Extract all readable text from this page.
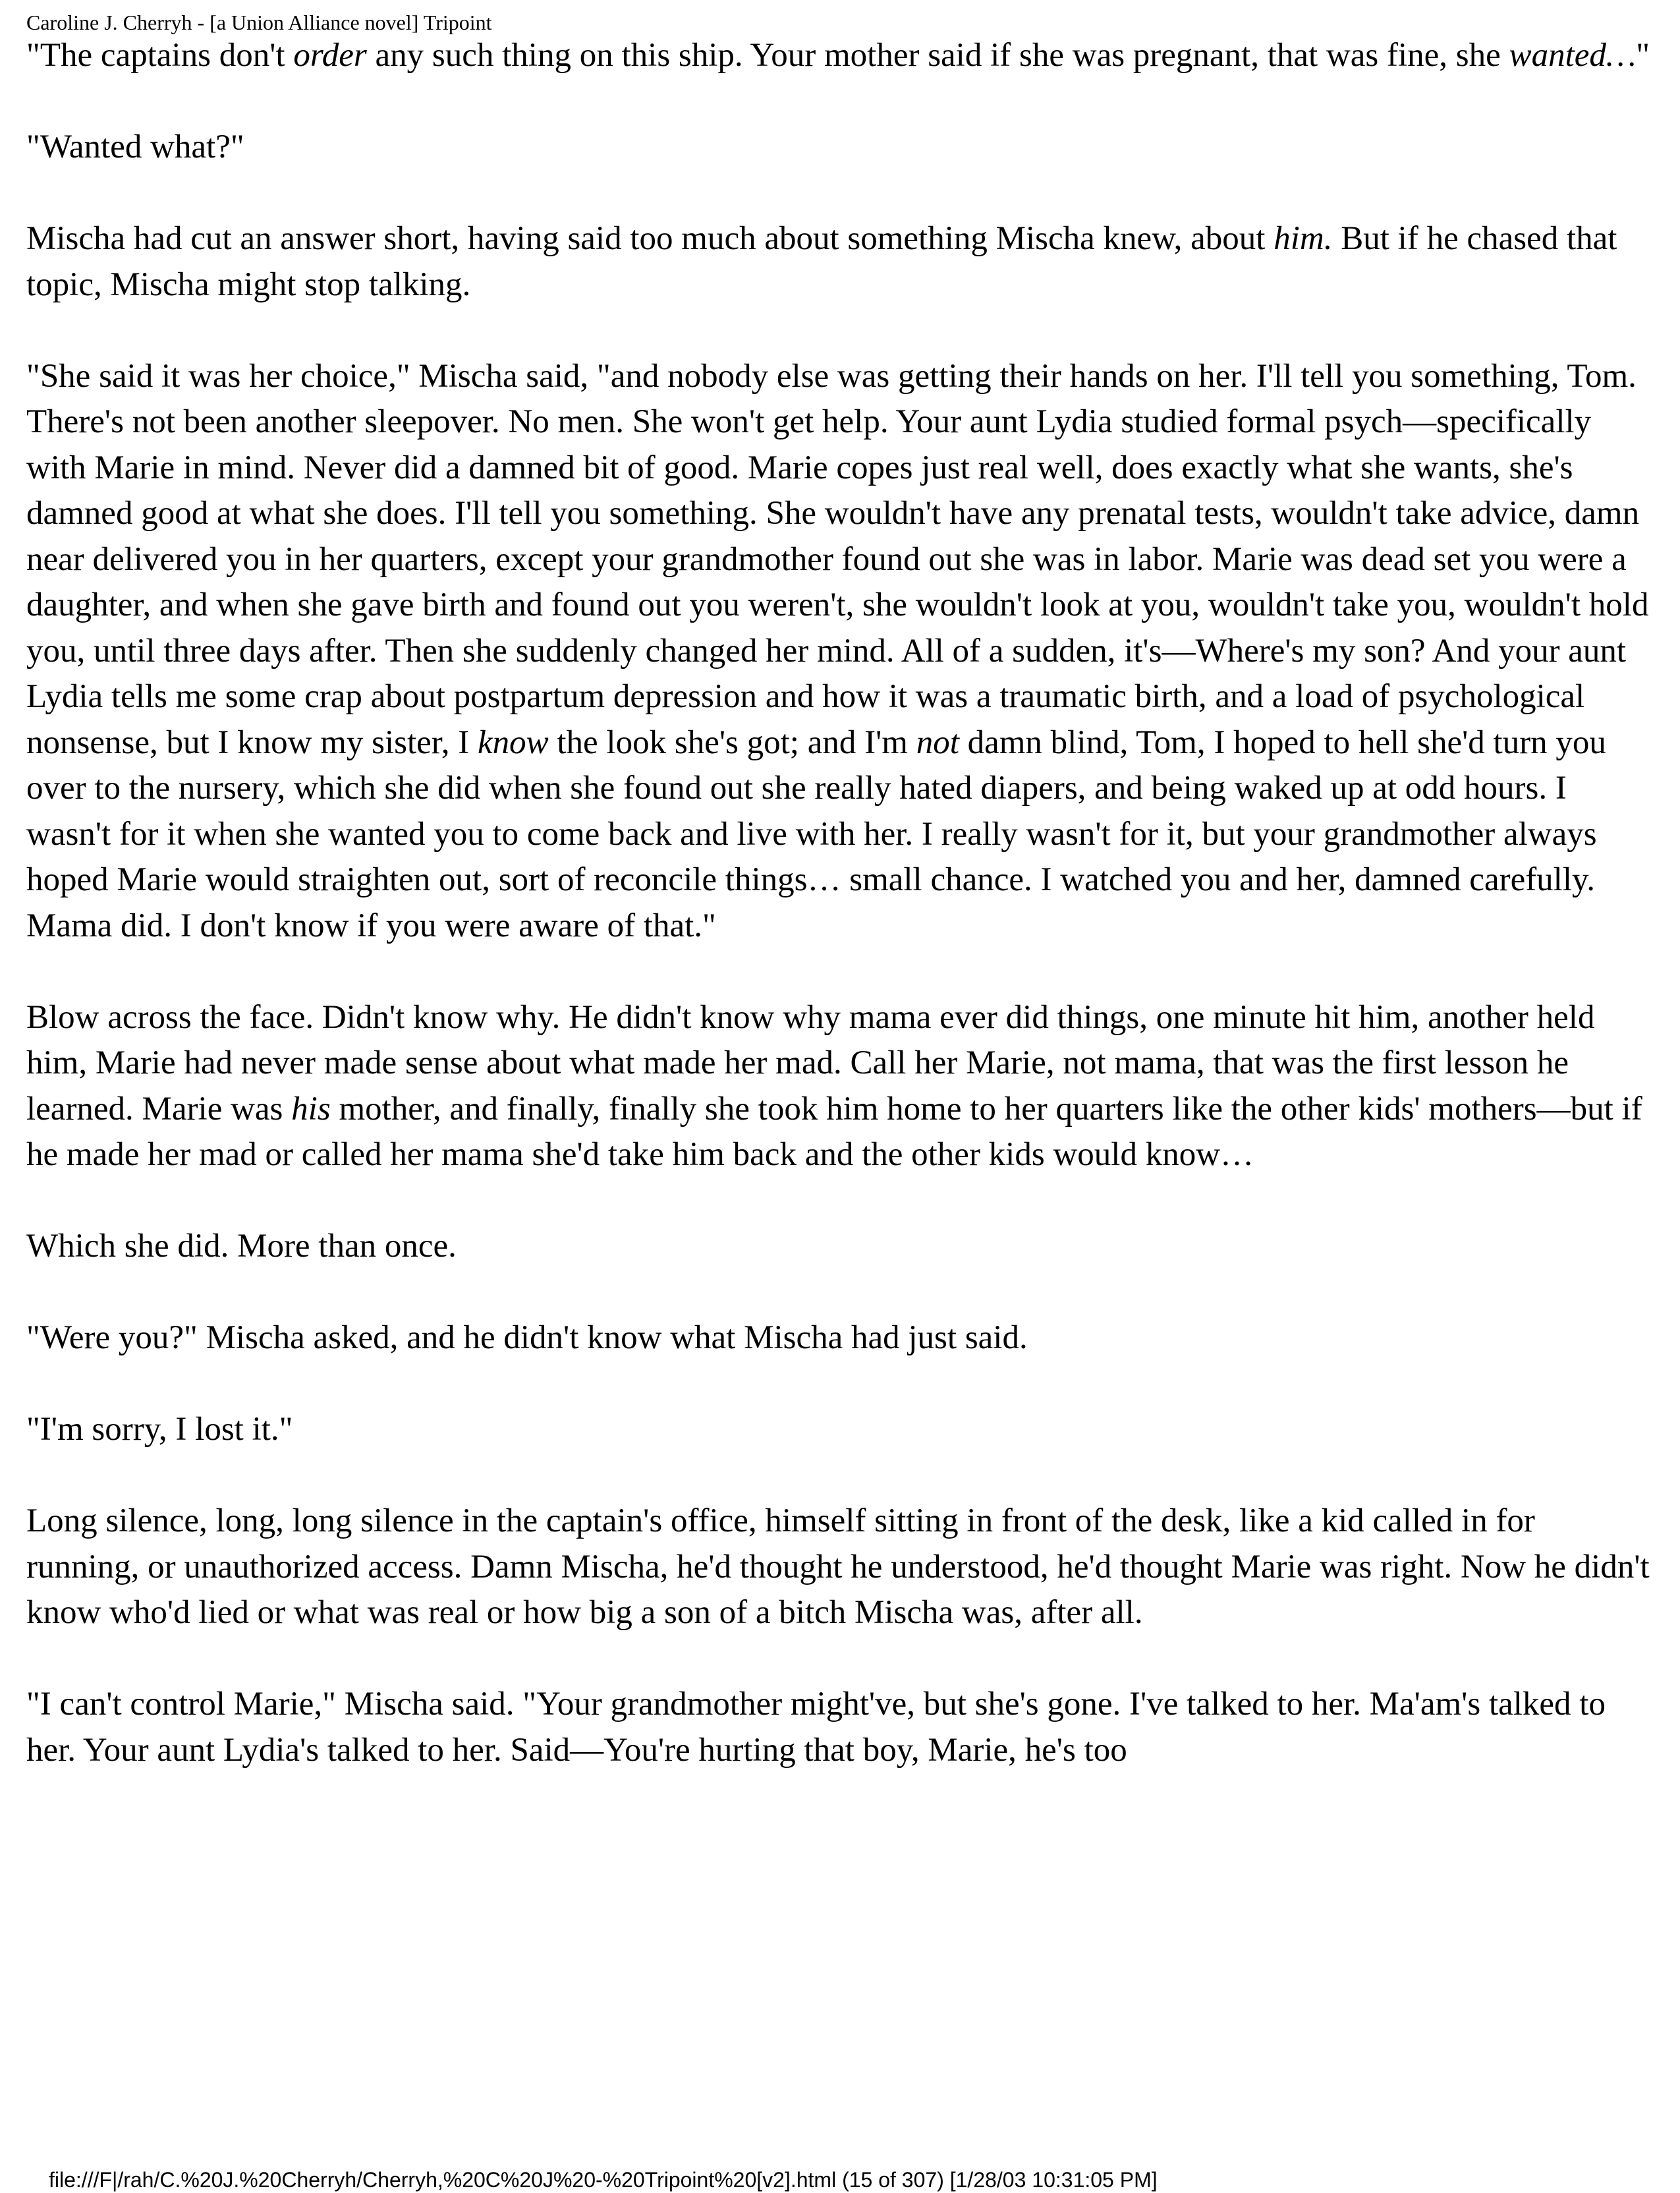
Caroline J. Cherryh - [a Union Alliance novel] Tripoint

"The captains don't order any such thing on this ship. Your mother said if she was pregnant, that was fine, she wanted…"

"Wanted what?"

Mischa had cut an answer short, having said too much about something Mischa knew, about him. But if he chased that topic, Mischa might stop talking.

"She said it was her choice," Mischa said, "and nobody else was getting their hands on her. I'll tell you something, Tom. There's not been another sleepover. No men. She won't get help. Your aunt Lydia studied formal psych—specifically with Marie in mind. Never did a damned bit of good. Marie copes just real well, does exactly what she wants, she's damned good at what she does. I'll tell you something. She wouldn't have any prenatal tests, wouldn't take advice, damn near delivered you in her quarters, except your grandmother found out she was in labor. Marie was dead set you were a daughter, and when she gave birth and found out you weren't, she wouldn't look at you, wouldn't take you, wouldn't hold you, until three days after. Then she suddenly changed her mind. All of a sudden, it's—Where's my son? And your aunt Lydia tells me some crap about postpartum depression and how it was a traumatic birth, and a load of psychological nonsense, but I know my sister, I know the look she's got; and I'm not damn blind, Tom, I hoped to hell she'd turn you over to the nursery, which she did when she found out she really hated diapers, and being waked up at odd hours. I wasn't for it when she wanted you to come back and live with her. I really wasn't for it, but your grandmother always hoped Marie would straighten out, sort of reconcile things… small chance. I watched you and her, damned carefully. Mama did. I don't know if you were aware of that."

Blow across the face. Didn't know why. He didn't know why mama ever did things, one minute hit him, another held him, Marie had never made sense about what made her mad. Call her Marie, not mama, that was the first lesson he learned. Marie was his mother, and finally, finally she took him home to her quarters like the other kids' mothers—but if he made her mad or called her mama she'd take him back and the other kids would know…

Which she did. More than once.

"Were you?" Mischa asked, and he didn't know what Mischa had just said.

"I'm sorry, I lost it."

Long silence, long, long silence in the captain's office, himself sitting in front of the desk, like a kid called in for running, or unauthorized access. Damn Mischa, he'd thought he understood, he'd thought Marie was right. Now he didn't know who'd lied or what was real or how big a son of a bitch Mischa was, after all.

"I can't control Marie," Mischa said. "Your grandmother might've, but she's gone. I've talked to her. Ma'am's talked to her. Your aunt Lydia's talked to her. Said—You're hurting that boy, Marie, he's too

file:///F|/rah/C.%20J.%20Cherryh/Cherryh,%20C%20J%20-%20Tripoint%20[v2].html (15 of 307) [1/28/03 10:31:05 PM]
